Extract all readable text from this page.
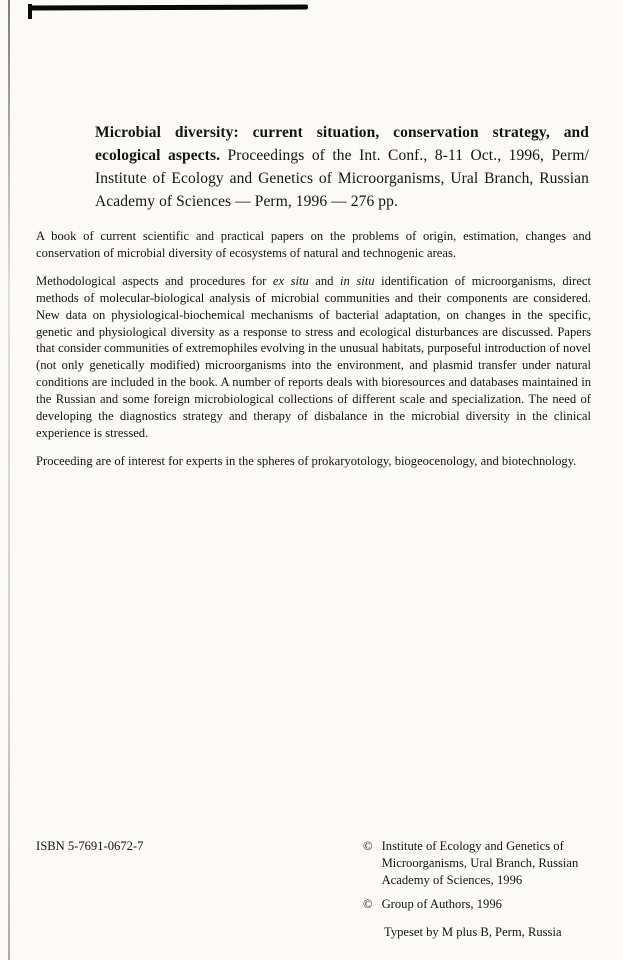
Microbial diversity: current situation, conservation strategy, and ecological aspects. Proceedings of the Int. Conf., 8-11 Oct., 1996, Perm/ Institute of Ecology and Genetics of Microorganisms, Ural Branch, Russian Academy of Sciences — Perm, 1996 — 276 pp.

A book of current scientific and practical papers on the problems of origin, estimation, changes and conservation of microbial diversity of ecosystems of natural and technogenic areas.

Methodological aspects and procedures for ex situ and in situ identification of microorganisms, direct methods of molecular-biological analysis of microbial communities and their components are considered. New data on physiological-biochemical mechanisms of bacterial adaptation, on changes in the specific, genetic and physiological diversity as a response to stress and ecological disturbances are discussed. Papers that consider communities of extremophiles evolving in the unusual habitats, purposeful introduction of novel (not only genetically modified) microorganisms into the environment, and plasmid transfer under natural conditions are included in the book. A number of reports deals with bioresources and databases maintained in the Russian and some foreign microbiological collections of different scale and specialization. The need of developing the diagnostics strategy and therapy of disbalance in the microbial diversity in the clinical experience is stressed.

Proceeding are of interest for experts in the spheres of prokaryotology, biogeocenology, and biotechnology.

ISBN 5-7691-0672-7	© Institute of Ecology and Genetics of Microorganisms, Ural Branch, Russian Academy of Sciences, 1996
© Group of Authors, 1996
Typeset by M plus B, Perm, Russia
